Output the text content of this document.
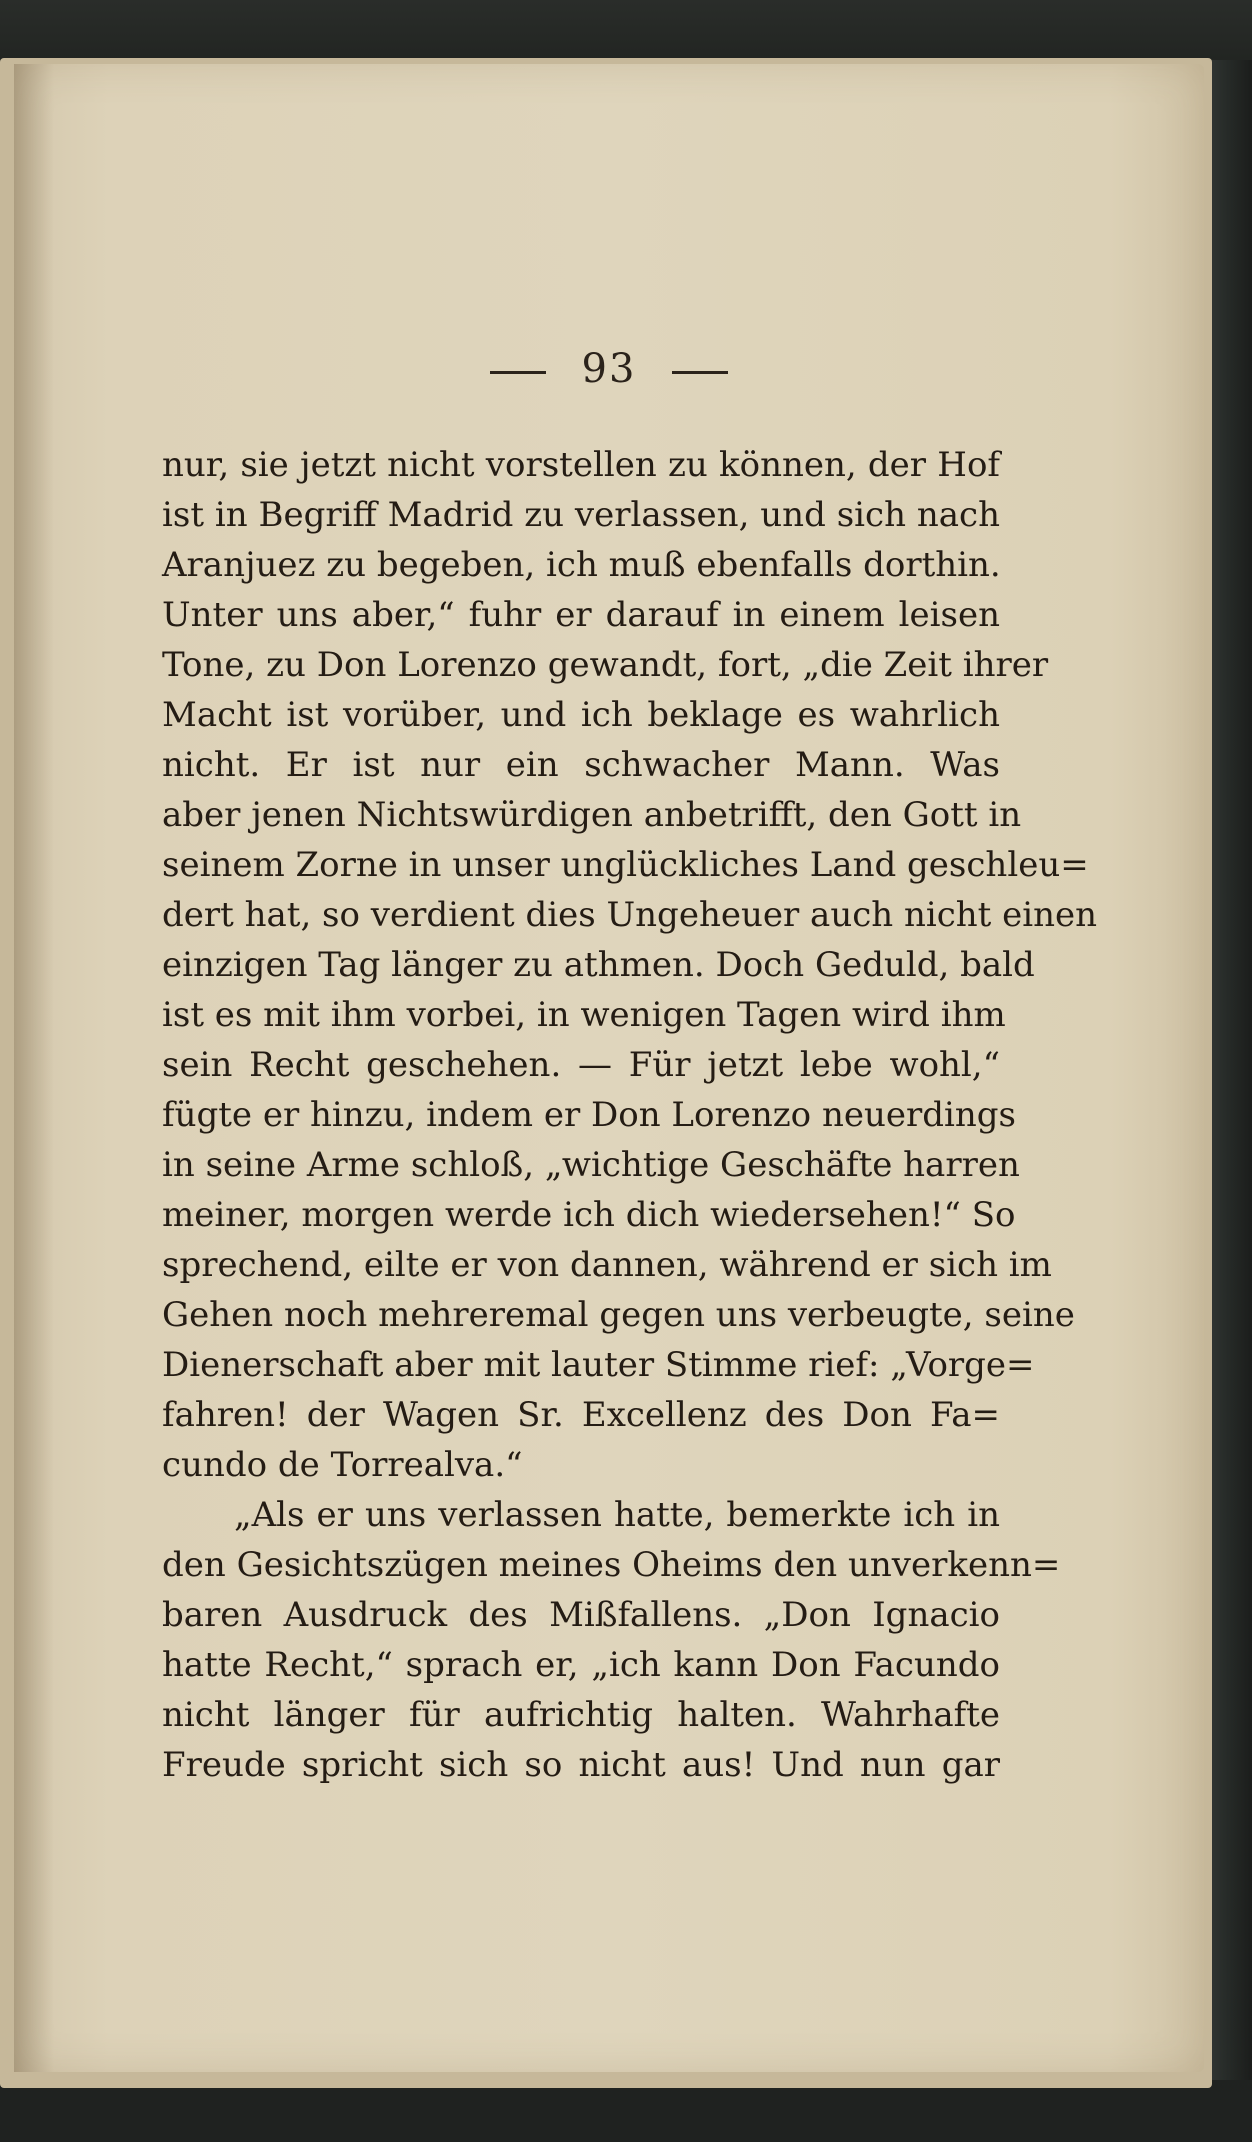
93
nur, sie jetzt nicht vorstellen zu können, der Hof
ist in Begriff Madrid zu verlassen, und sich nach
Aranjuez zu begeben, ich muß ebenfalls dorthin.
Unter uns aber,“ fuhr er darauf in einem leisen
Tone, zu Don Lorenzo gewandt, fort, „die Zeit ihrer
Macht ist vorüber, und ich beklage es wahrlich
nicht. Er ist nur ein schwacher Mann. Was
aber jenen Nichtswürdigen anbetrifft, den Gott in
seinem Zorne in unser unglückliches Land geschleu=
dert hat, so verdient dies Ungeheuer auch nicht einen
einzigen Tag länger zu athmen. Doch Geduld, bald
ist es mit ihm vorbei, in wenigen Tagen wird ihm
sein Recht geschehen. — Für jetzt lebe wohl,“
fügte er hinzu, indem er Don Lorenzo neuerdings
in seine Arme schloß, „wichtige Geschäfte harren
meiner, morgen werde ich dich wiedersehen!“ So
sprechend, eilte er von dannen, während er sich im
Gehen noch mehreremal gegen uns verbeugte, seine
Dienerschaft aber mit lauter Stimme rief: „Vorge=
fahren! der Wagen Sr. Excellenz des Don Fa=
cundo de Torrealva.“
„Als er uns verlassen hatte, bemerkte ich in
den Gesichtszügen meines Oheims den unverkenn=
baren Ausdruck des Mißfallens. „Don Ignacio
hatte Recht,“ sprach er, „ich kann Don Facundo
nicht länger für aufrichtig halten. Wahrhafte
Freude spricht sich so nicht aus! Und nun gar
